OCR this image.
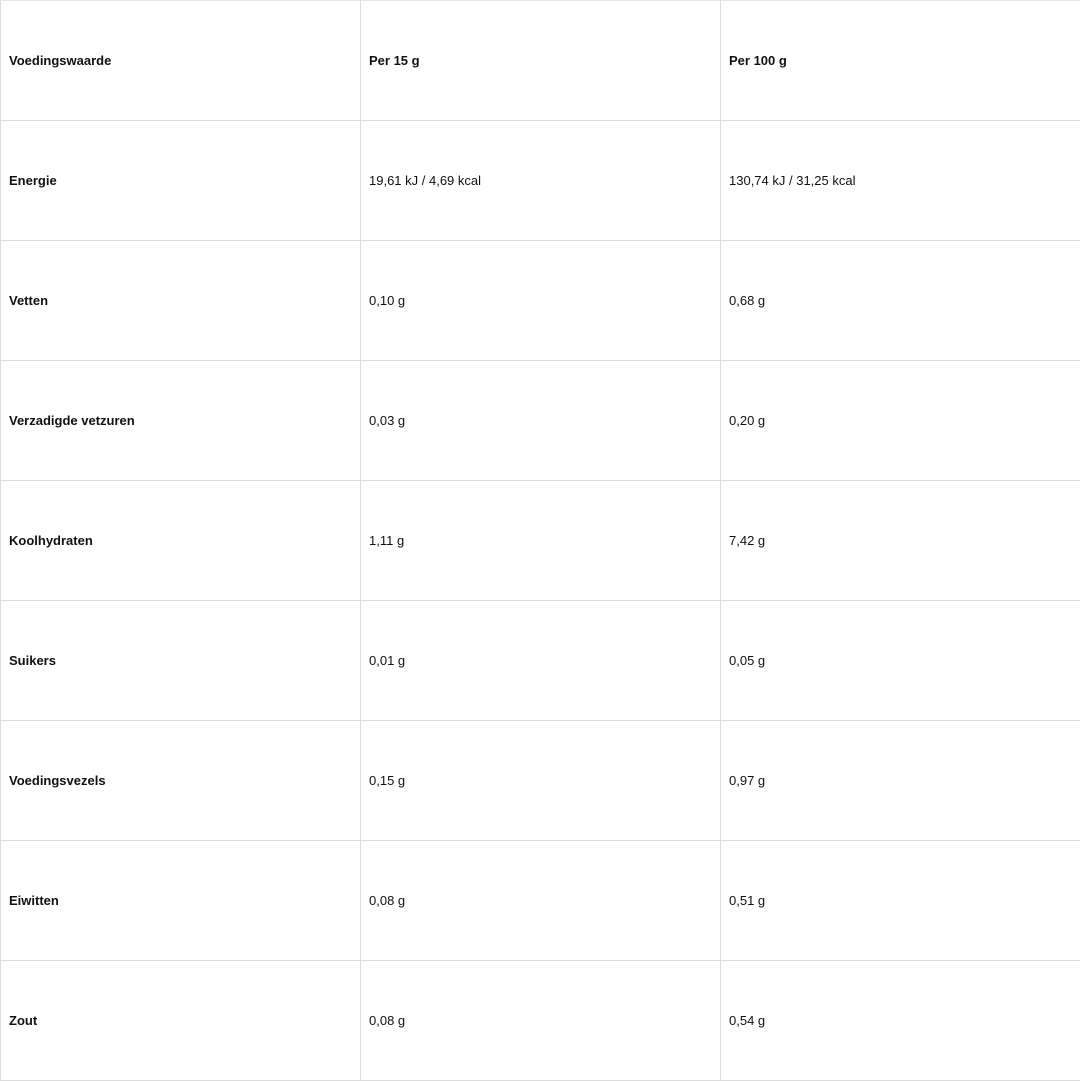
Voedingswaarde	Per 15 g	Per 100 g
Energie	19,61 kJ / 4,69 kcal	130,74 kJ / 31,25 kcal
Vetten	0,10 g	0,68 g
Verzadigde vetzuren	0,03 g	0,20 g
Koolhydraten	1,11 g	7,42 g
Suikers	0,01 g	0,05 g
Voedingsvezels	0,15 g	0,97 g
Eiwitten	0,08 g	0,51 g
Zout	0,08 g	0,54 g
